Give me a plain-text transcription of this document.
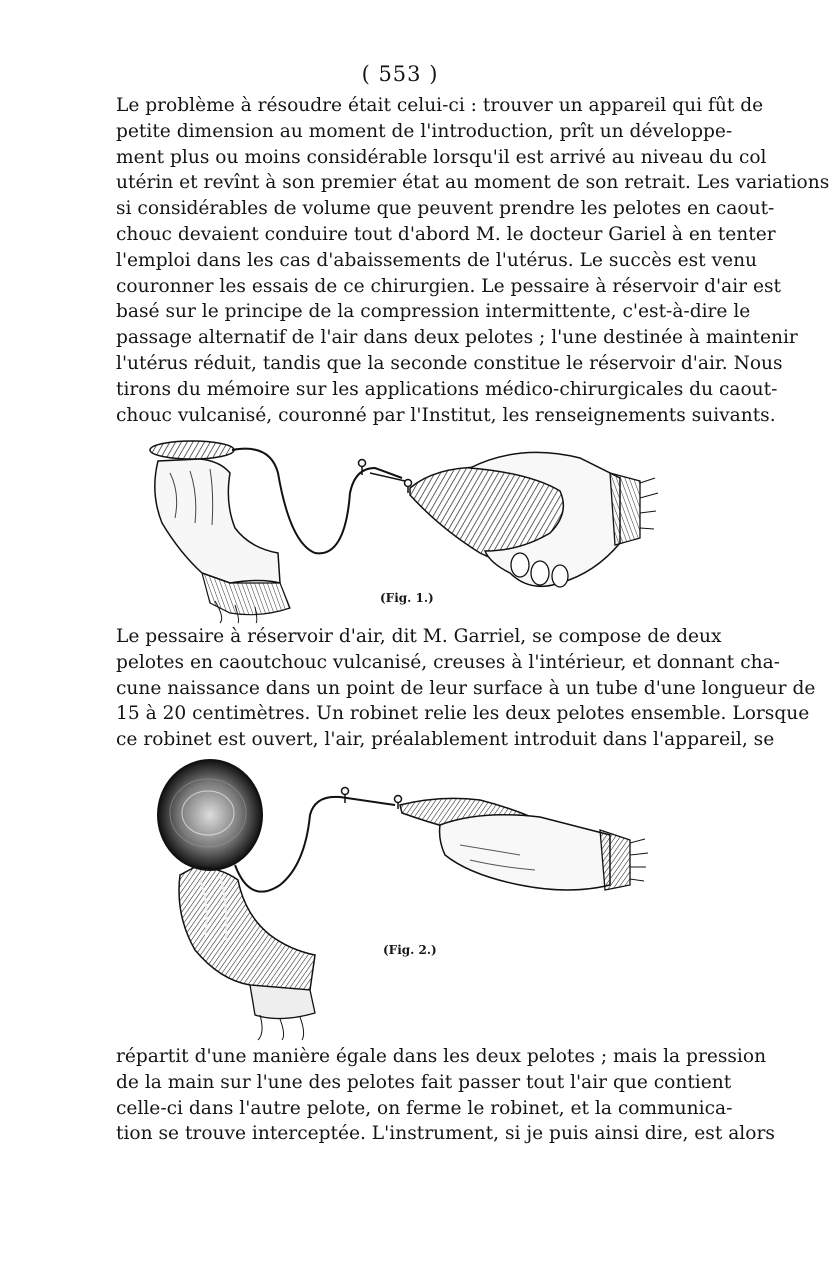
( 553 )
Le problème à résoudre était celui-ci : trouver un appareil qui fût de
petite dimension au moment de l'introduction, prît un développe-
ment plus ou moins considérable lorsqu'il est arrivé au niveau du col
utérin et revînt à son premier état au moment de son retrait. Les variations
si considérables de volume que peuvent prendre les pelotes en caout-
chouc devaient conduire tout d'abord M. le docteur Gariel à en tenter
l'emploi dans les cas d'abaissements de l'utérus. Le succès est venu
couronner les essais de ce chirurgien. Le pessaire à réservoir d'air est
basé sur le principe de la compression intermittente, c'est-à-dire le
passage alternatif de l'air dans deux pelotes ; l'une destinée à maintenir
l'utérus réduit, tandis que la seconde constitue le réservoir d'air. Nous
tirons du mémoire sur les applications médico-chirurgicales du caout-
chouc vulcanisé, couronné par l'Institut, les renseignements suivants.
(Fig. 1.)
Le pessaire à réservoir d'air, dit M. Garriel, se compose de deux
pelotes en caoutchouc vulcanisé, creuses à l'intérieur, et donnant cha-
cune naissance dans un point de leur surface à un tube d'une longueur de
15 à 20 centimètres. Un robinet relie les deux pelotes ensemble. Lorsque
ce robinet est ouvert, l'air, préalablement introduit dans l'appareil, se
(Fig. 2.)
répartit d'une manière égale dans les deux pelotes ; mais la pression
de la main sur l'une des pelotes fait passer tout l'air que contient
celle-ci dans l'autre pelote, on ferme le robinet, et la communica-
tion se trouve interceptée. L'instrument, si je puis ainsi dire, est alors
